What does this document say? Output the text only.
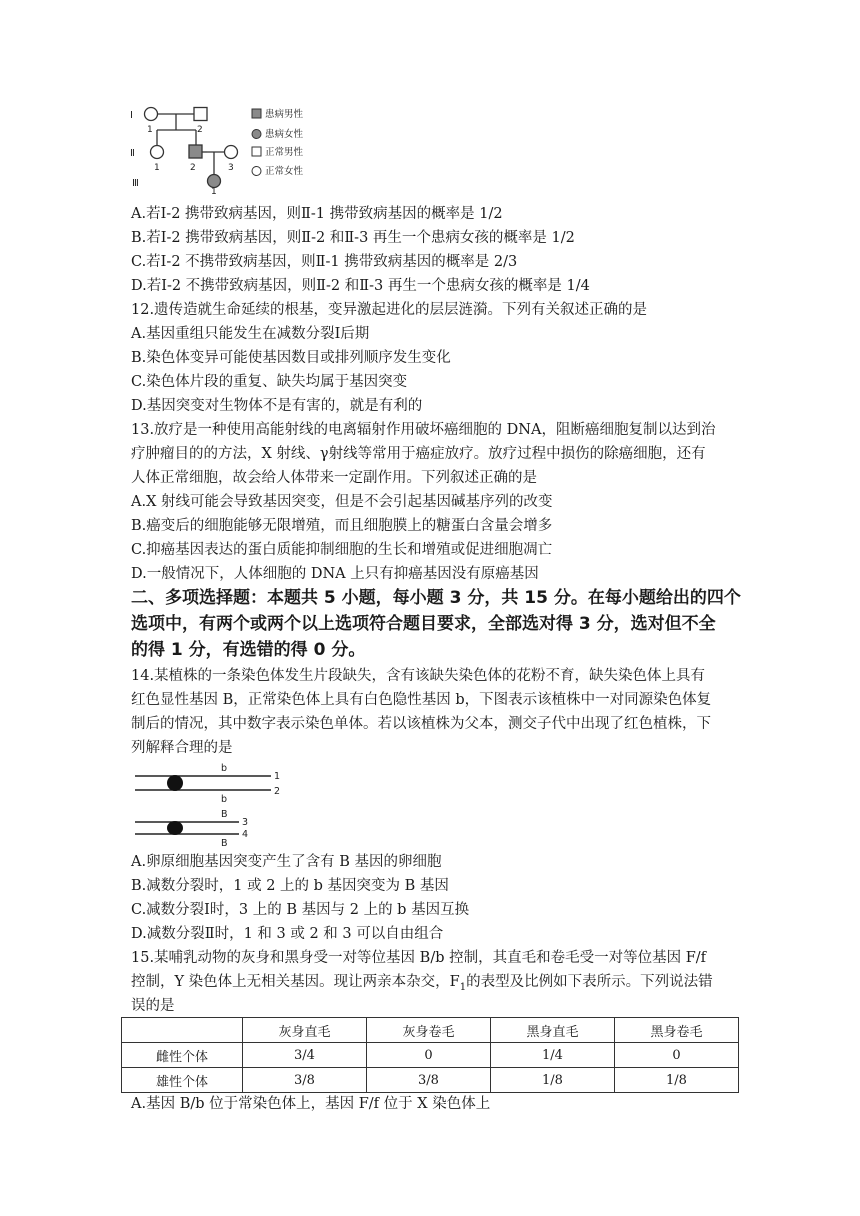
Ⅰ
Ⅱ
Ⅲ
1	2
1	2	3
1
患病男性
患病女性
正常男性
正常女性
A.若Ⅰ-2 携带致病基因，则Ⅱ-1 携带致病基因的概率是 1/2
B.若Ⅰ-2 携带致病基因，则Ⅱ-2 和Ⅱ-3 再生一个患病女孩的概率是 1/2
C.若Ⅰ-2 不携带致病基因，则Ⅱ-1 携带致病基因的概率是 2/3
D.若Ⅰ-2 不携带致病基因，则Ⅱ-2 和Ⅱ-3 再生一个患病女孩的概率是 1/4
12.遗传造就生命延续的根基，变异激起进化的层层涟漪。下列有关叙述正确的是
A.基因重组只能发生在减数分裂Ⅰ后期
B.染色体变异可能使基因数目或排列顺序发生变化
C.染色体片段的重复、缺失均属于基因突变
D.基因突变对生物体不是有害的，就是有利的
13.放疗是一种使用高能射线的电离辐射作用破坏癌细胞的 DNA，阻断癌细胞复制以达到治
疗肿瘤目的的方法，X 射线、γ射线等常用于癌症放疗。放疗过程中损伤的除癌细胞，还有
人体正常细胞，故会给人体带来一定副作用。下列叙述正确的是
A.X 射线可能会导致基因突变，但是不会引起基因碱基序列的改变
B.癌变后的细胞能够无限增殖，而且细胞膜上的糖蛋白含量会增多
C.抑癌基因表达的蛋白质能抑制细胞的生长和增殖或促进细胞凋亡
D.一般情况下，人体细胞的 DNA 上只有抑癌基因没有原癌基因
二、多项选择题：本题共 5 小题，每小题 3 分，共 15 分。在每小题给出的四个
选项中，有两个或两个以上选项符合题目要求，全部选对得 3 分，选对但不全
的得 1 分，有选错的得 0 分。
14.某植株的一条染色体发生片段缺失，含有该缺失染色体的花粉不育，缺失染色体上具有
红色显性基因 B，正常染色体上具有白色隐性基因 b，下图表示该植株中一对同源染色体复
制后的情况，其中数字表示染色单体。若以该植株为父本，测交子代中出现了红色植株，下
列解释合理的是
b
b
B
B
1
2
3
4
A.卵原细胞基因突变产生了含有 B 基因的卵细胞
B.减数分裂时，1 或 2 上的 b 基因突变为 B 基因
C.减数分裂Ⅰ时，3 上的 B 基因与 2 上的 b 基因互换
D.减数分裂Ⅱ时，1 和 3 或 2 和 3 可以自由组合
15.某哺乳动物的灰身和黑身受一对等位基因 B/b 控制，其直毛和卷毛受一对等位基因 F/f
控制，Y 染色体上无相关基因。现让两亲本杂交，$F_1$的表型及比例如下表所示。下列说法错
误的是
	灰身直毛	灰身卷毛	黑身直毛	黑身卷毛
雌性个体	3/4	0	1/4	0
雄性个体	3/8	3/8	1/8	1/8
A.基因 B/b 位于常染色体上，基因 F/f 位于 X 染色体上
